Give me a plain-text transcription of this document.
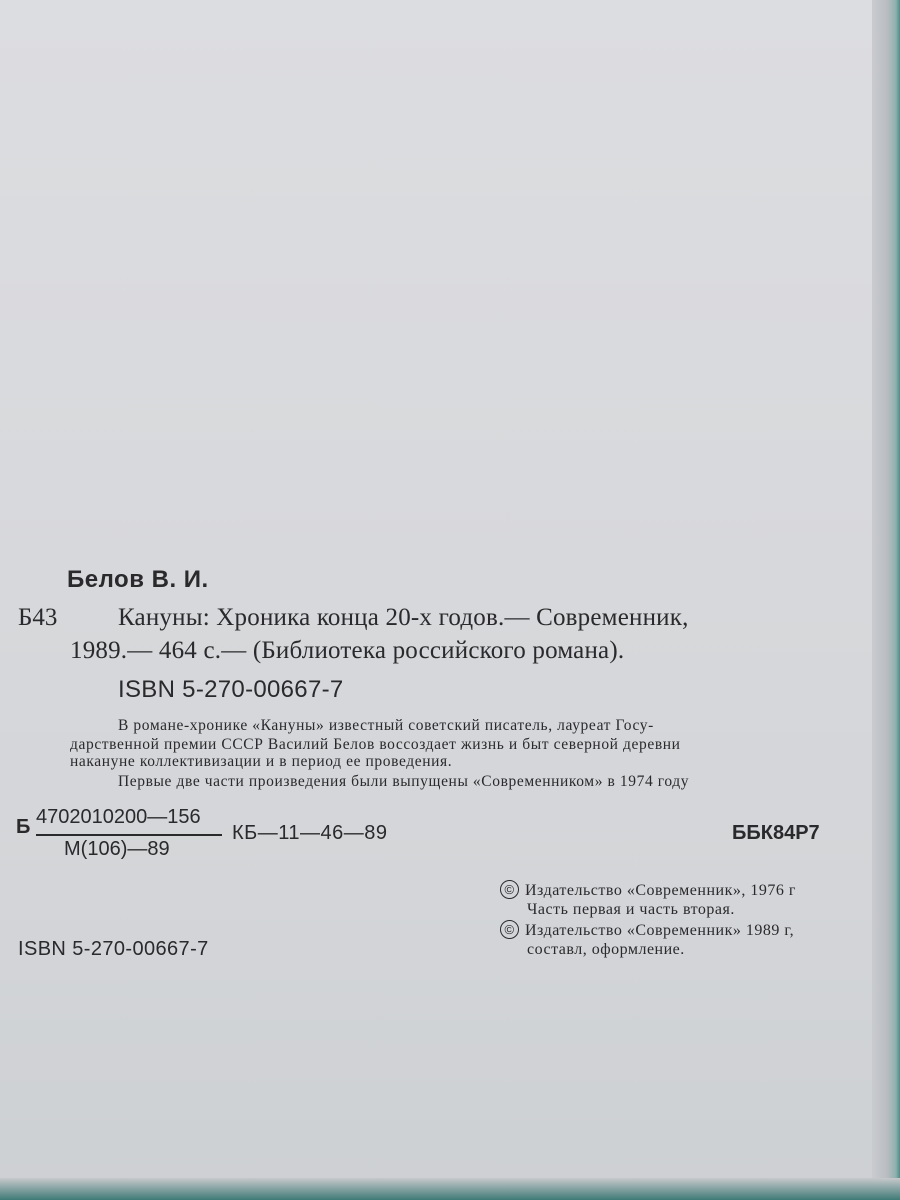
Белов В. И.
Б43 Кануны: Хроника конца 20-х годов.— Современник,
1989.— 464 с.— (Библиотека российского романа).
ISBN 5-270-00667-7
В романе-хронике «Кануны» известный советский писатель, лауреат Госу-
дарственной премии СССР Василий Белов воссоздает жизнь и быт северной деревни
накануне коллективизации и в период ее проведения.
Первые две части произведения были выпущены «Современником» в 1974 году
Б 4702010200—156
М(106)—89
КБ—11—46—89	ББК84Р7
© Издательство «Современник», 1976 г
Часть первая и часть вторая.
© Издательство «Современник» 1989 г,
составл, оформление.
ISBN 5-270-00667-7
